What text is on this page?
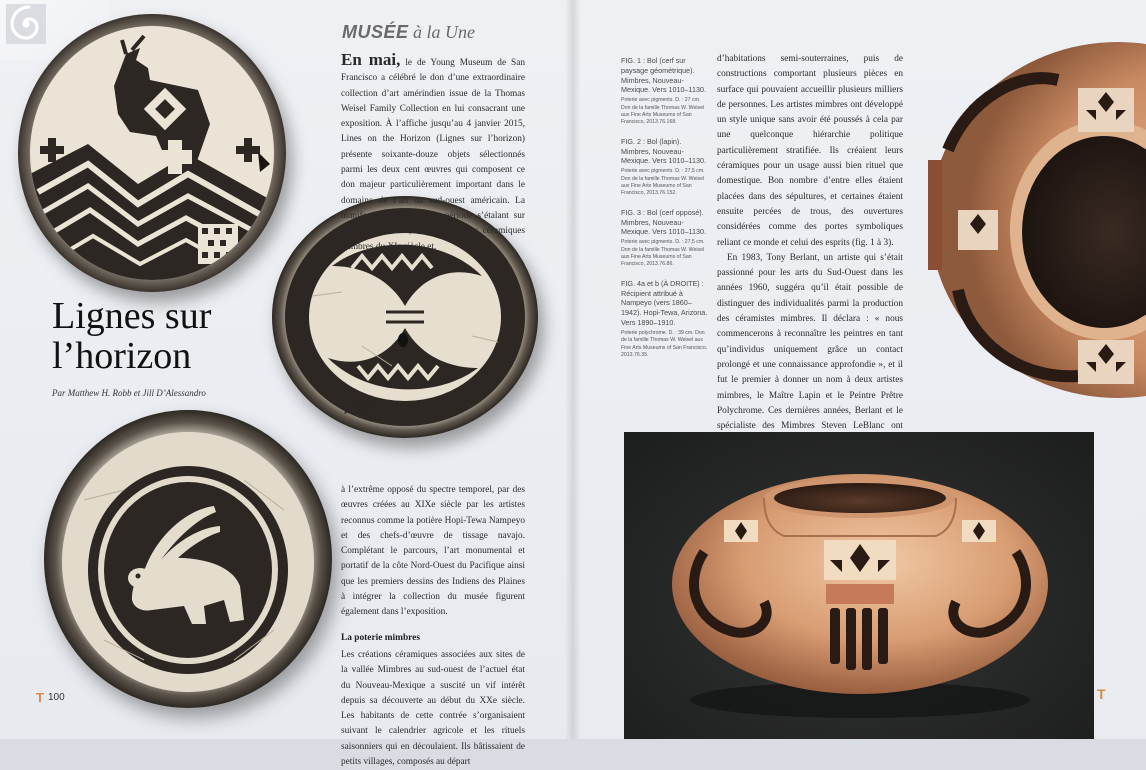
MUSÉE à la Une
Lignes sur
l’horizon
Par Matthew H. Robb et Jill D’Alessandro
En mai, le de Young Museum de San Francisco a célébré le don d’une extraordinaire collection d’art amérindien issue de la Thomas Weisel Family Collection en lui consacrant une exposition. À l’affiche jusqu’au 4 janvier 2015, Lines on the Horizon (Lignes sur l’horizon) présente soixante-douze objets sélectionnés parmi les deux cent œuvres qui composent ce don majeur particulièrement important dans le domaine de l’art du sud-ouest américain. La manifestation couvre une période s’étalant sur près de mille ans, évoquée par des céramiques mimbres du XIe siècle et,
à l’extrême opposé du spectre temporel, par des œuvres créées au XIXe siècle par les artistes reconnus comme la potière Hopi-Tewa Nampeyo et des chefs-d’œuvre de tissage navajo. Complétant le parcours, l’art monumental et portatif de la côte Nord-Ouest du Pacifique ainsi que les premiers dessins des Indiens des Plaines à intégrer la collection du musée figurent également dans l’exposition.
La poterie mimbres
Les créations céramiques associées aux sites de la vallée Mimbres au sud-ouest de l’actuel état du Nouveau-Mexique a suscité un vif intérêt depuis sa découverte au début du XXe siècle. Les habitants de cette contrée s’organisaient suivant le calendrier agricole et les rituels saisonniers qui en découlaient. Ils bâtissaient de petits villages, composés au départ
T 100
FIG. 1 : Bol (cerf sur paysage géométrique). Mimbres, Nouveau-Mexique. Vers 1010–1130.
Poterie avec pigments. D. : 27 cm. Don de la famille Thomas W. Weisel aux Fine Arts Museums of San Francisco, 2013.76.168.
FIG. 2 : Bol (lapin). Mimbres, Nouveau-Mexique. Vers 1010–1130.
Poterie avec pigments. D. : 27,5 cm. Don de la famille Thomas W. Weisel aux Fine Arts Museums of San Francisco, 2013.76.152.
FIG. 3 : Bol (cerf opposé). Mimbres, Nouveau-Mexique. Vers 1010–1130.
Poterie avec pigments. D. : 27,5 cm. Don de la famille Thomas W. Weisel aux Fine Arts Museums of San Francisco, 2013.76.86.
FIG. 4a et b (À DROITE) : Récipient attribué à Nampeyo (vers 1860–1942). Hopi-Tewa, Arizona. Vers 1890–1910.
Poterie polychrome. D. : 39 cm. Don de la famille Thomas W. Weisel aux Fine Arts Museums of San Francisco, 2013.76.35.
d’habitations semi-souterraines, puis de constructions comportant plusieurs pièces en surface qui pouvaient accueillir plusieurs milliers de personnes. Les artistes mimbres ont développé un style unique sans avoir été poussés à cela par une quelconque hiérarchie politique particulièrement stratifiée. Ils créaient leurs céramiques pour un usage aussi bien rituel que domestique. Bon nombre d’entre elles étaient placées dans des sépultures, et certaines étaient ensuite percées de trous, des ouvertures considérées comme des portes symboliques reliant ce monde et celui des esprits (fig. 1 à 3).
En 1983, Tony Berlant, un artiste qui s’était passionné pour les arts du Sud-Ouest dans les années 1960, suggéra qu’il était possible de distinguer des individualités parmi la production des céramistes mimbres. Il déclara : « nous commencerons à reconnaître les peintres en tant qu’individus uniquement grâce un contact prolongé et une connaissance approfondie », et il fut le premier à donner un nom à deux artistes mimbres, le Maître Lapin et le Peintre Prêtre Polychrome. Ces dernières années, Berlant et le spécialiste des Mimbres Steven LeBlanc ont
T
